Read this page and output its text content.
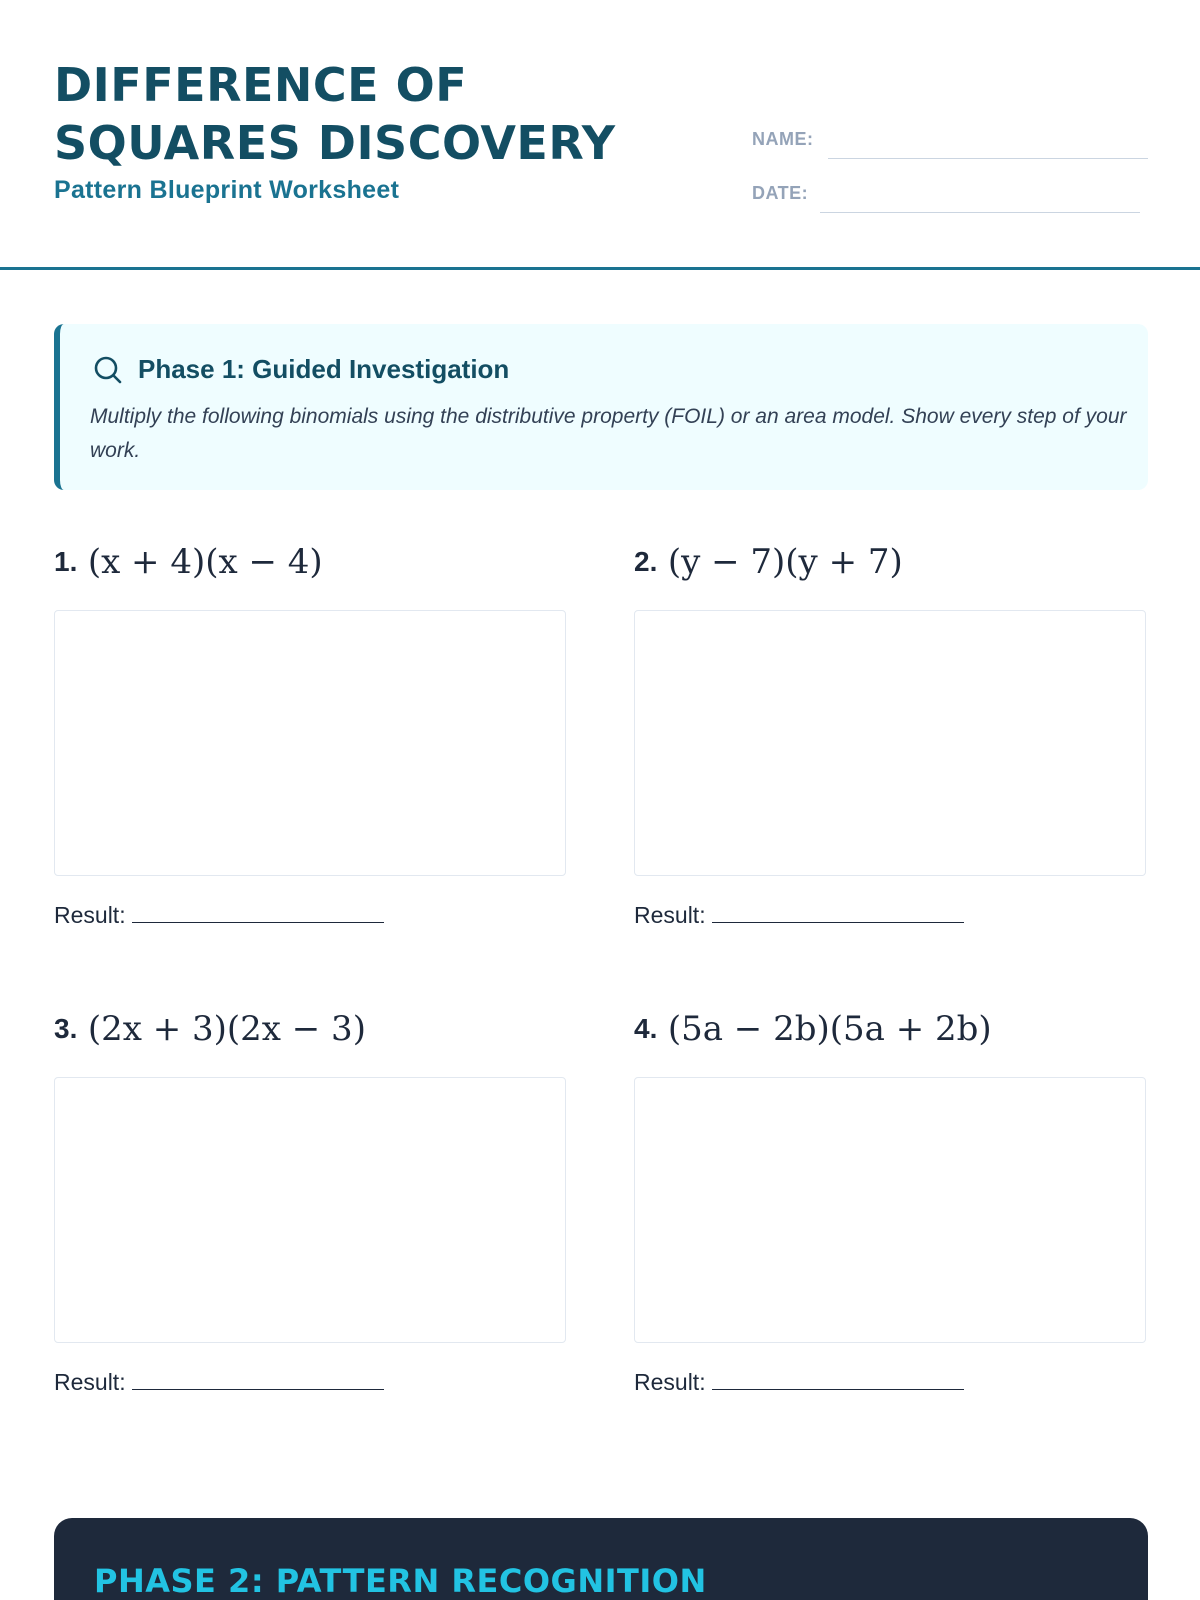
DIFFERENCE OF
SQUARES DISCOVERY
Pattern Blueprint Worksheet
NAME:
DATE:
Phase 1: Guided Investigation
Multiply the following binomials using the distributive property (FOIL) or an area model. Show every step of your work.
1. (x + 4)(x − 4)
Result:
2. (y − 7)(y + 7)
Result:
3. (2x + 3)(2x − 3)
Result:
4. (5a − 2b)(5a + 2b)
Result:
PHASE 2: PATTERN RECOGNITION
